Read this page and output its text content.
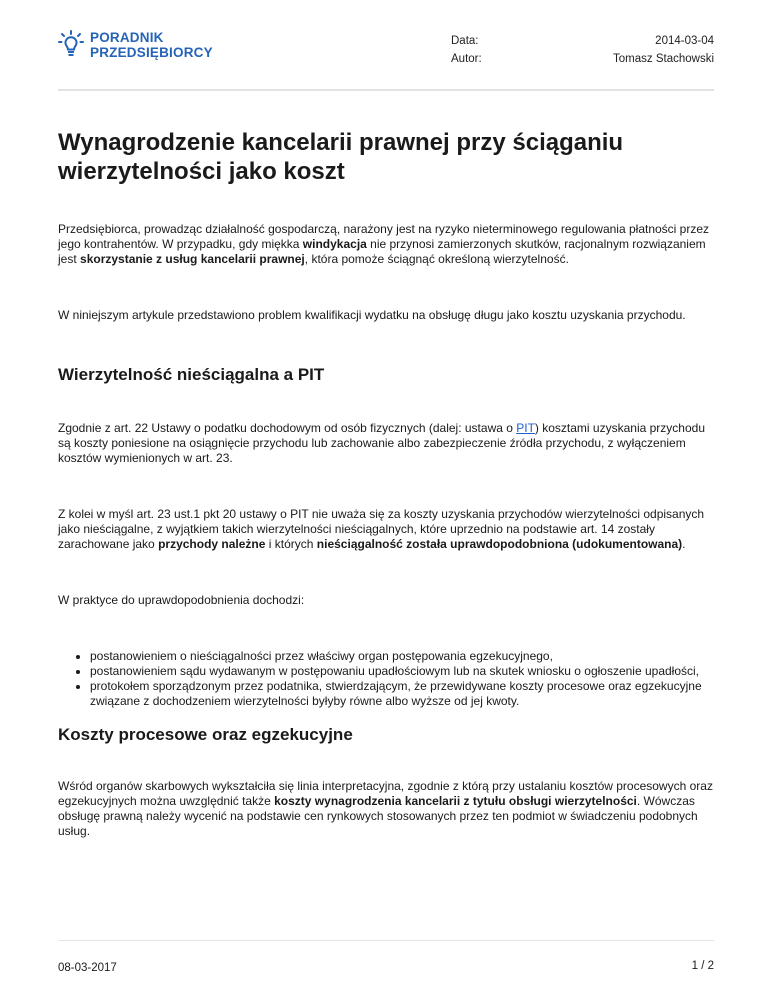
PORADNIK
PRZEDSIĘBIORCY
Data:
Autor:
2014-03-04
Tomasz Stachowski
Wynagrodzenie kancelarii prawnej przy ściąganiu wierzytelności jako koszt

Przedsiębiorca, prowadząc działalność gospodarczą, narażony jest na ryzyko nieterminowego regulowania płatności przez jego kontrahentów. W przypadku, gdy miękka windykacja nie przynosi zamierzonych skutków, racjonalnym rozwiązaniem jest skorzystanie z usług kancelarii prawnej, która pomoże ściągnąć określoną wierzytelność.

W niniejszym artykule przedstawiono problem kwalifikacji wydatku na obsługę długu jako kosztu uzyskania przychodu.

Wierzytelność nieściągalna a PIT

Zgodnie z art. 22 Ustawy o podatku dochodowym od osób fizycznych (dalej: ustawa o PIT) kosztami uzyskania przychodu są koszty poniesione na osiągnięcie przychodu lub zachowanie albo zabezpieczenie źródła przychodu, z wyłączeniem kosztów wymienionych w art. 23.

Z kolei w myśl art. 23 ust.1 pkt 20 ustawy o PIT nie uważa się za koszty uzyskania przychodów wierzytelności odpisanych jako nieściągalne, z wyjątkiem takich wierzytelności nieściągalnych, które uprzednio na podstawie art. 14 zostały zarachowane jako przychody należne i których nieściągalność została uprawdopodobniona (udokumentowana).

W praktyce do uprawdopodobnienia dochodzi:

• postanowieniem o nieściągalności przez właściwy organ postępowania egzekucyjnego,
• postanowieniem sądu wydawanym w postępowaniu upadłościowym lub na skutek wniosku o ogłoszenie upadłości,
• protokołem sporządzonym przez podatnika, stwierdzającym, że przewidywane koszty procesowe oraz egzekucyjne związane z dochodzeniem wierzytelności byłyby równe albo wyższe od jej kwoty.
Koszty procesowe oraz egzekucyjne

Wśród organów skarbowych wykształciła się linia interpretacyjna, zgodnie z którą przy ustalaniu kosztów procesowych oraz egzekucyjnych można uwzględnić także koszty wynagrodzenia kancelarii z tytułu obsługi wierzytelności. Wówczas obsługę prawną należy wycenić na podstawie cen rynkowych stosowanych przez ten podmiot w świadczeniu podobnych usług.

08-03-2017	1 / 2
